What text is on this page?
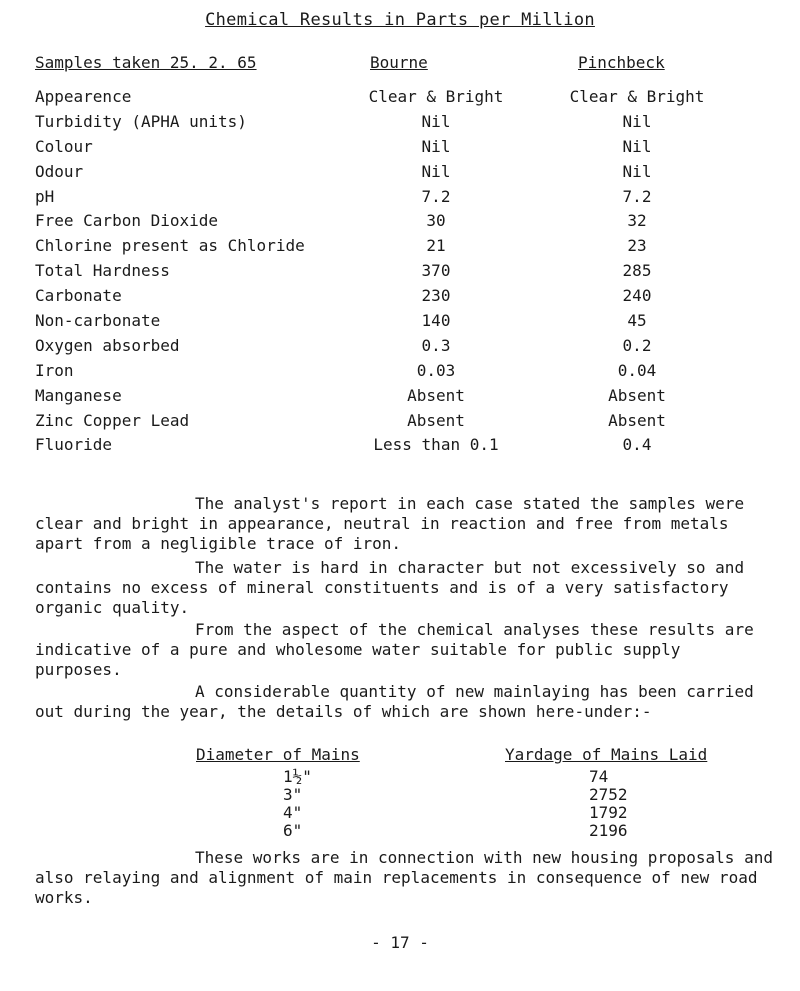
Chemical Results in Parts per Million
Samples taken 25. 2. 65	Bourne	Pinchbeck
Appearence	Clear & Bright	Clear & Bright
Turbidity (APHA units)	Nil	Nil
Colour	Nil	Nil
Odour	Nil	Nil
pH	7.2	7.2
Free Carbon Dioxide	30	32
Chlorine present as Chloride	21	23
Total Hardness	370	285
Carbonate	230	240
Non-carbonate	140	45
Oxygen absorbed	0.3	0.2
Iron	0.03	0.04
Manganese	Absent	Absent
Zinc Copper Lead	Absent	Absent
Fluoride	Less than 0.1	0.4

The analyst's report in each case stated the samples were clear and bright in appearance, neutral in reaction and free from metals apart from a negligible trace of iron.

The water is hard in character but not excessively so and contains no excess of mineral constituents and is of a very satisfactory organic quality.

From the aspect of the chemical analyses these results are indicative of a pure and wholesome water suitable for public supply purposes.

A considerable quantity of new mainlaying has been carried out during the year, the details of which are shown here-under:-

Diameter of Mains	Yardage of Mains Laid
1½"	74
3"	2752
4"	1792
6"	2196

These works are in connection with new housing proposals and also relaying and alignment of main replacements in consequence of new road works.

- 17 -
